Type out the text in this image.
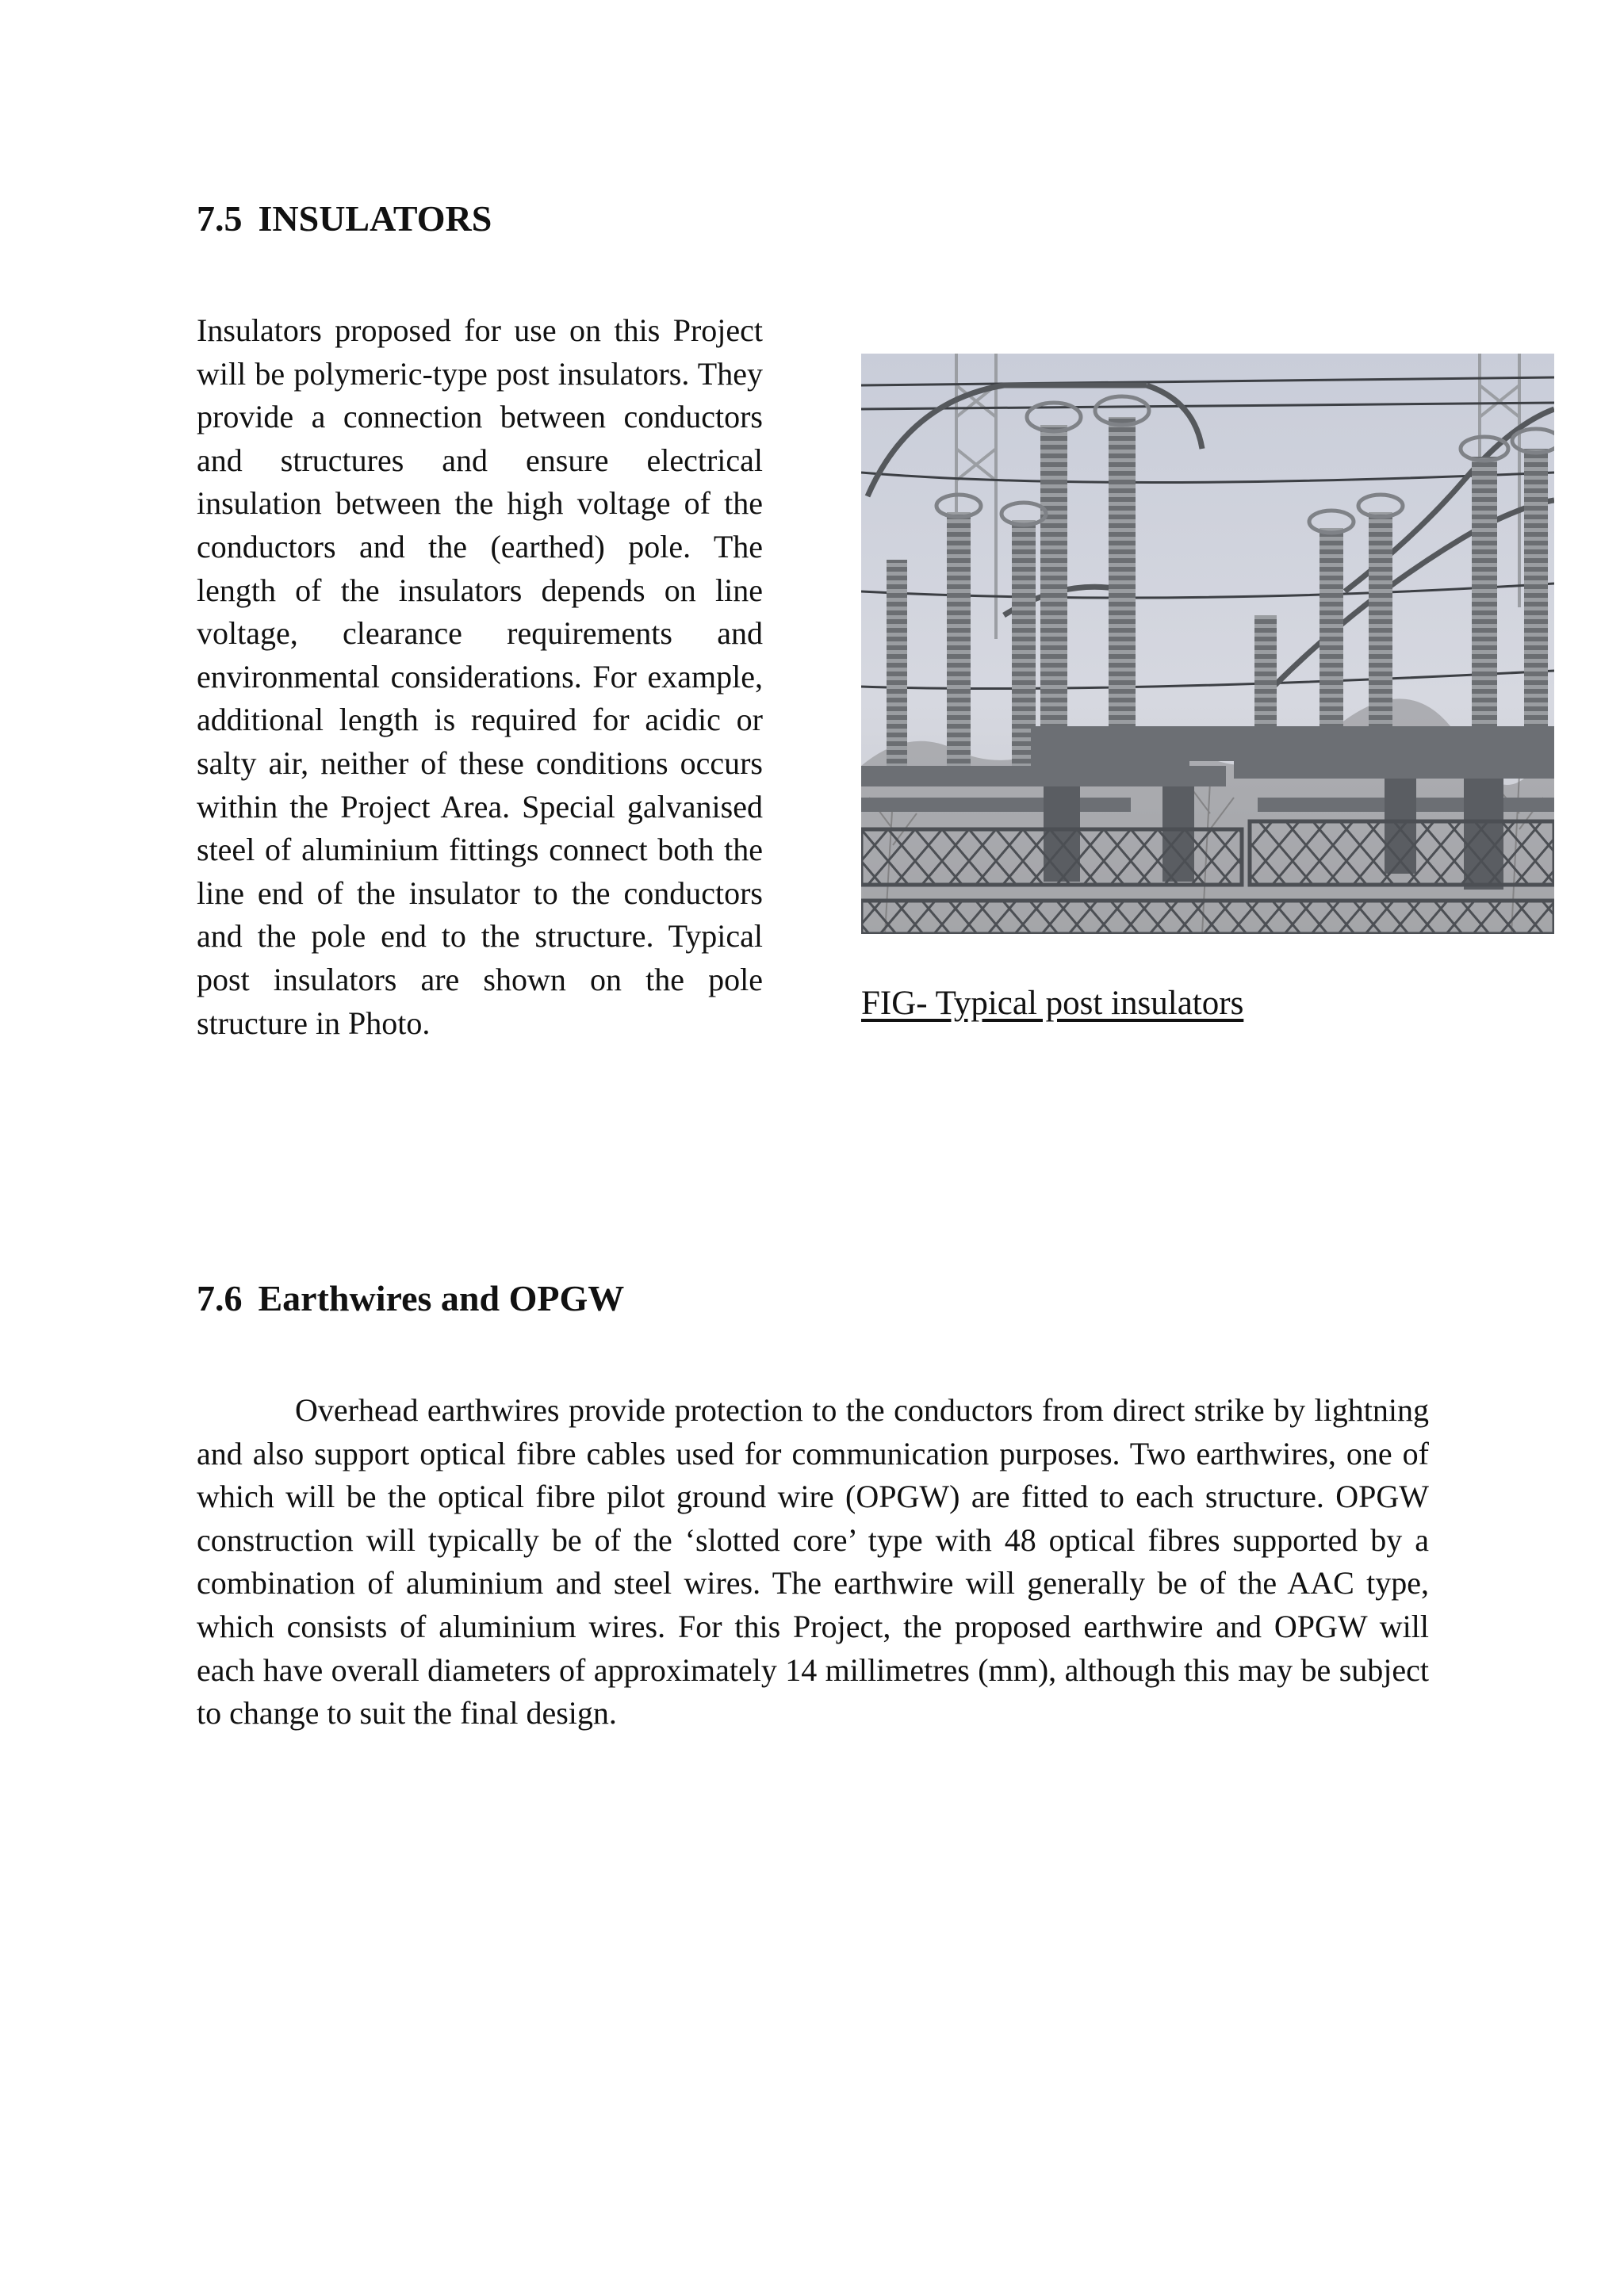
7.5 INSULATORS

Insulators proposed for use on this Project will be polymeric-type post insulators. They provide a connection between conductors and structures and ensure electrical insulation between the high voltage of the conductors and the (earthed) pole. The length of the insulators depends on line voltage, clearance requirements and environmental considerations. For example, additional length is required for acidic or salty air, neither of these conditions occurs within the Project Area. Special galvanised steel of aluminium fittings connect both the line end of the insulator to the conductors and the pole end to the structure. Typical post insulators are shown on the pole structure in Photo.

FIG- Typical post insulators
7.6 Earthwires and OPGW

Overhead earthwires provide protection to the conductors from direct strike by lightning and also support optical fibre cables used for communication purposes. Two earthwires, one of which will be the optical fibre pilot ground wire (OPGW) are fitted to each structure. OPGW construction will typically be of the ‘slotted core’ type with 48 optical fibres supported by a combination of aluminium and steel wires. The earthwire will generally be of the AAC type, which consists of aluminium wires. For this Project, the proposed earthwire and OPGW will each have overall diameters of approximately 14 millimetres (mm), although this may be subject to change to suit the final design.
